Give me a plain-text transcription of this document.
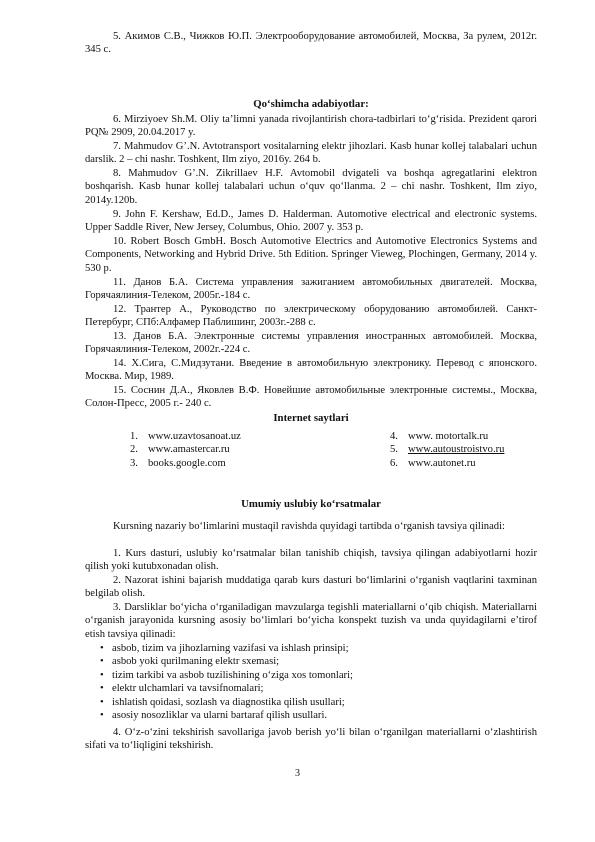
5. Акимов С.В., Чижков Ю.П. Электрооборудование автомобилей, Москва, За рулем, 2012г. 345 с.

Qo‘shimcha adabiyotlar:

6. Mirziyoev Sh.M. Oliy ta’limni yanada rivojlantirish chora-tadbirlari to‘g‘risida. Prezident qarori PQ№ 2909, 20.04.2017 y.

7. Mahmudov G’.N. Avtotransport vositalarning elektr jihozlari. Kasb hunar kollej talabalari uchun darslik. 2 – chi nashr. Toshkent, Ilm ziyo, 2016y. 264 b.

8. Mahmudov G’.N. Zikrillaev H.F. Avtomobil dvigateli va boshqa agregatlarini elektron boshqarish. Kasb hunar kollej talabalari uchun o‘quv qo‘llanma. 2 – chi nashr. Toshkent, Ilm ziyo, 2014y.120b.

9. John F. Kershaw, Ed.D., James D. Halderman. Automotive electrical and electronic systems. Upper Saddle River, New Jersey, Columbus, Ohio. 2007 y. 353 p.

10. Robert Bosch GmbH. Bosch Automotive Electrics and Automotive Electronics Systems and Components, Networking and Hybrid Drive. 5th Edition. Springer Vieweg, Plochingen, Germany, 2014 y. 530 p.

11. Данов Б.А. Система управления зажиганием автомобильных двигателей. Москва, Горячаялиния-Телеком, 2005г.-184 с.

12. Трантер А., Руководство по электрическому оборудованию автомобилей. Санкт-Петербург, СПб:Алфамер Паблишинг, 2003г.-288 с.

13. Данов Б.А. Электронные системы управления иностранных автомобилей. Москва, Горячаялиния-Телеком, 2002г.-224 с.

14. Х.Сига, С.Мидзутани. Введение в автомобильную электронику. Перевод с японского. Москва. Мир, 1989.

15. Соснин Д.А., Яковлев В.Ф. Новейшие автомобильные электронные системы., Москва, Солон-Пресс, 2005 г.- 240 с.

Internet saytlari

1. www.uzavtosanoat.uz
2. www.amastercar.ru
3. books.google.com
4. www. motortalk.ru
5. www.autoustroistvo.ru
6. www.autonet.ru

Umumiy uslubiy ko‘rsatmalar

Kursning nazariy bo‘limlarini mustaqil ravishda quyidagi tartibda o‘rganish tavsiya qilinadi:

1. Kurs dasturi, uslubiy ko‘rsatmalar bilan tanishib chiqish, tavsiya qilingan adabiyotlarni hozir qilish yoki kutubxonadan olish.

2. Nazorat ishini bajarish muddatiga qarab kurs dasturi bo‘limlarini o‘rganish vaqtlarini taxminan belgilab olish.

3. Darsliklar bo‘yicha o‘rganiladigan mavzularga tegishli materiallarni o‘qib chiqish. Materiallarni o‘rganish jarayonida kursning asosiy bo‘limlari bo‘yicha konspekt tuzish va unda quyidagilarni e’tirof etish tavsiya qilinadi:

• asbob, tizim va jihozlarning vazifasi va ishlash prinsipi;
• asbob yoki qurilmaning elektr sxemasi;
• tizim tarkibi va asbob tuzilishining o‘ziga xos tomonlari;
• elektr ulchamlari va tavsifnomalari;
• ishlatish qoidasi, sozlash va diagnostika qilish usullari;
• asosiy nosozliklar va ularni bartaraf qilish usullari.

4. O‘z-o‘zini tekshirish savollariga javob berish yo‘li bilan o‘rganilgan materiallarni o‘zlashtirish sifati va to‘liqligini tekshirish.

3
